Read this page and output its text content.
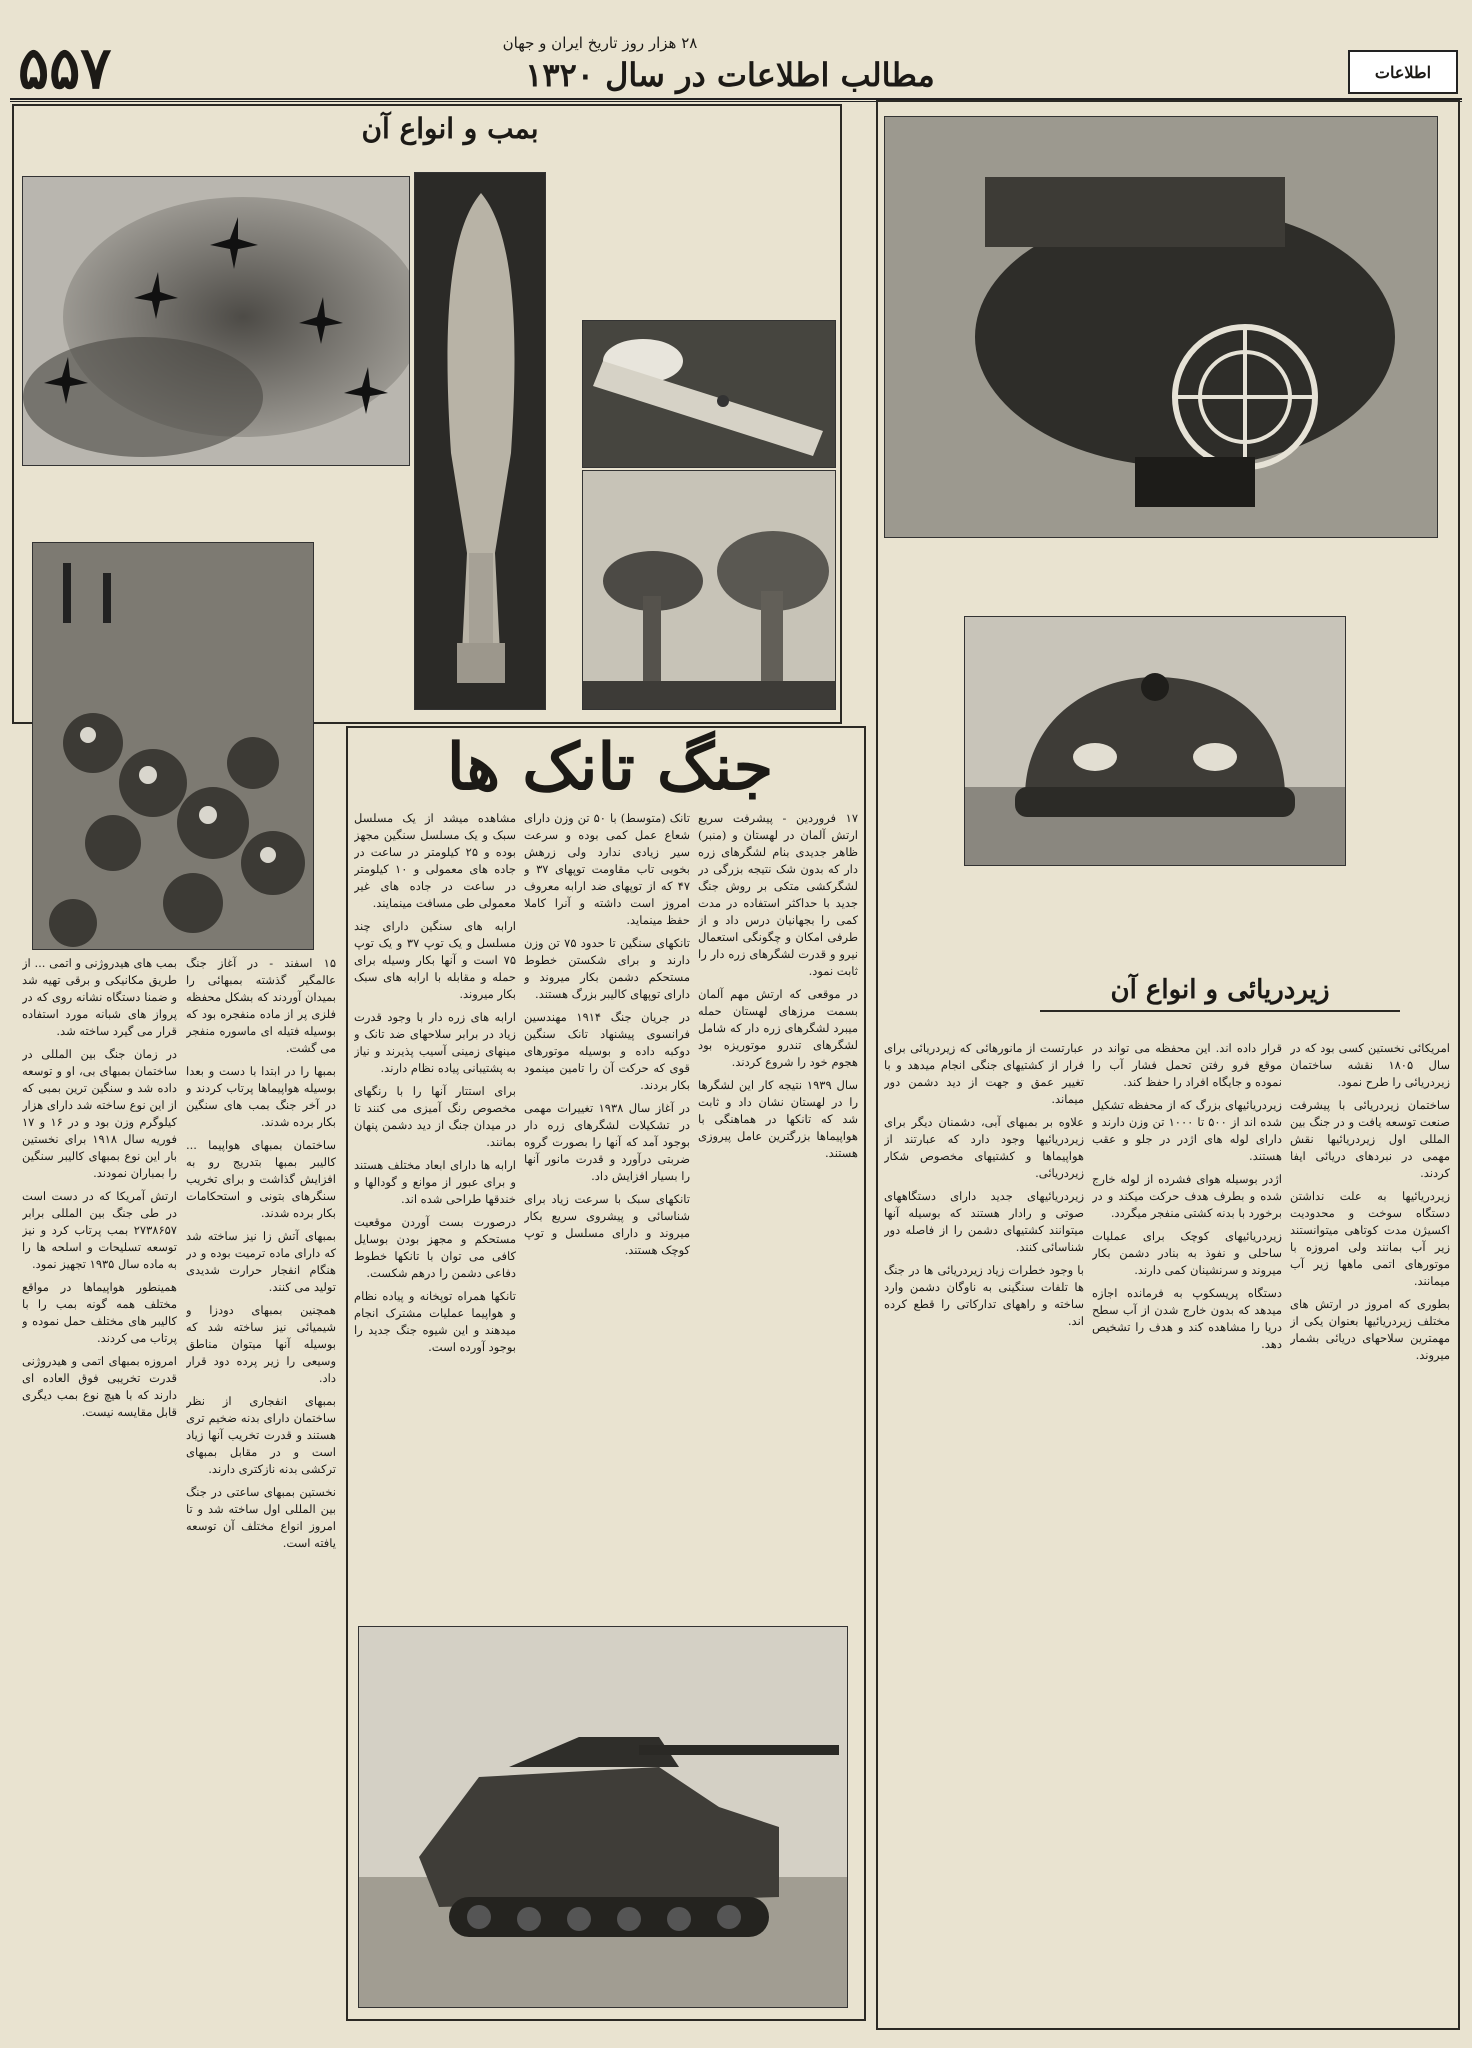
۵۵۷	۲۸ هزار روز تاریخ ایران و جهان
مطالب اطلاعات در سال ۱۳۲۰	اطلاعات
بمب و انواع آن

۱۵ اسفند - در آغاز جنگ عالمگیر گذشته بمبهائی را بمیدان آوردند که بشکل محفظه فلزی پر از ماده منفجره بود که بوسیله فتیله ای ماسوره منفجر می گشت.

بمبها را در ابتدا با دست و بعدا بوسیله هواپیماها پرتاب کردند و در آخر جنگ بمب های سنگین بکار برده شدند.

ساختمان بمبهای هواپیما ... کالیبر بمبها بتدریج رو به افزایش گذاشت و برای تخریب سنگرهای بتونی و استحکامات بکار برده شدند.

بمبهای آتش زا نیز ساخته شد که دارای ماده ترمیت بوده و در هنگام انفجار حرارت شدیدی تولید می کنند.

همچنین بمبهای دودزا و شیمیائی نیز ساخته شد که بوسیله آنها میتوان مناطق وسیعی را زیر پرده دود قرار داد.

بمبهای انفجاری از نظر ساختمان دارای بدنه ضخیم تری هستند و قدرت تخریب آنها زیاد است و در مقابل بمبهای ترکشی بدنه نازکتری دارند.

نخستین بمبهای ساعتی در جنگ بین المللی اول ساخته شد و تا امروز انواع مختلف آن توسعه یافته است.

بمب های هیدروژنی و اتمی ... از طریق مکانیکی و برقی تهیه شد و ضمنا دستگاه نشانه روی که در پرواز های شبانه مورد استفاده قرار می گیرد ساخته شد.

در زمان جنگ بین المللی در ساختمان بمبهای بی، او و توسعه داده شد و سنگین ترین بمبی که از این نوع ساخته شد دارای هزار کیلوگرم وزن بود و در ۱۶ و ۱۷ فوریه سال ۱۹۱۸ برای نخستین بار این نوع بمبهای کالیبر سنگین را بمباران نمودند.

ارتش آمریکا که در دست است در طی جنگ بین المللی برابر ۲۷۳۸۶۵۷ بمب پرتاب کرد و نیز توسعه تسلیحات و اسلحه ها را به ماده سال ۱۹۳۵ تجهیز نمود.

همینطور هواپیماها در مواقع مختلف همه گونه بمب را با کالیبر های مختلف حمل نموده و پرتاب می کردند.

امروزه بمبهای اتمی و هیدروژنی قدرت تخریبی فوق العاده ای دارند که با هیچ نوع بمب دیگری قابل مقایسه نیست.

جنگ تانک ها

۱۷ فروردین - پیشرفت سریع ارتش آلمان در لهستان و (منبر) ظاهر جدیدی بنام لشگرهای زره دار که بدون شک نتیجه بزرگی در لشگرکشی متکی بر روش جنگ جدید با حداکثر استفاده در مدت کمی را بجهانیان درس داد و از طرفی امکان و چگونگی استعمال نیرو و قدرت لشگرهای زره دار را ثابت نمود.

در موقعی که ارتش مهم آلمان بسمت مرزهای لهستان حمله میبرد لشگرهای زره دار که شامل لشگرهای تندرو موتوریزه بود هجوم خود را شروع کردند.

سال ۱۹۳۹ نتیجه کار این لشگرها را در لهستان نشان داد و ثابت شد که تانکها در هماهنگی با هواپیماها بزرگترین عامل پیروزی هستند.

تانک (متوسط) با ۵۰ تن وزن دارای شعاع عمل کمی بوده و سرعت سیر زیادی ندارد ولی زرهش بخوبی تاب مقاومت توپهای ۳۷ و ۴۷ که از توپهای ضد ارابه معروف امروز است داشته و آنرا کاملا حفظ مینماید.

تانکهای سنگین تا حدود ۷۵ تن وزن دارند و برای شکستن خطوط مستحکم دشمن بکار میروند و دارای توپهای کالیبر بزرگ هستند.

در جریان جنگ ۱۹۱۴ مهندسین فرانسوی پیشنهاد تانک سنگین دوکبه داده و بوسیله موتورهای قوی که حرکت آن را تامین مینمود بکار بردند.

در آغاز سال ۱۹۳۸ تغییرات مهمی در تشکیلات لشگرهای زره دار بوجود آمد که آنها را بصورت گروه ضربتی درآورد و قدرت مانور آنها را بسیار افزایش داد.

تانکهای سبک با سرعت زیاد برای شناسائی و پیشروی سریع بکار میروند و دارای مسلسل و توپ کوچک هستند.

مشاهده میشد از یک مسلسل سبک و یک مسلسل سنگین مجهز بوده و ۲۵ کیلومتر در ساعت در جاده های معمولی و ۱۰ کیلومتر در ساعت در جاده های غیر معمولی طی مسافت مینمایند.

ارابه های سنگین دارای چند مسلسل و یک توپ ۳۷ و یک توپ ۷۵ است و آنها بکار وسیله برای حمله و مقابله با ارابه های سبک بکار میروند.

ارابه های زره دار با وجود قدرت زیاد در برابر سلاحهای ضد تانک و مینهای زمینی آسیب پذیرند و نیاز به پشتیبانی پیاده نظام دارند.

برای استتار آنها را با رنگهای مخصوص رنگ آمیزی می کنند تا در میدان جنگ از دید دشمن پنهان بمانند.

ارابه ها دارای ابعاد مختلف هستند و برای عبور از موانع و گودالها و خندقها طراحی شده اند.

درصورت بست آوردن موقعیت مستحکم و مجهز بودن بوسایل کافی می توان با تانکها خطوط دفاعی دشمن را درهم شکست.

تانکها همراه توپخانه و پیاده نظام و هواپیما عملیات مشترک انجام میدهند و این شیوه جنگ جدید را بوجود آورده است.

زیردریائی و انواع آن

امریکائی نخستین کسی بود که در سال ۱۸۰۵ نقشه ساختمان زیردریائی را طرح نمود.

ساختمان زیردریائی با پیشرفت صنعت توسعه یافت و در جنگ بین المللی اول زیردریائیها نقش مهمی در نبردهای دریائی ایفا کردند.

زیردریائیها به علت نداشتن دستگاه سوخت و محدودیت اکسیژن مدت کوتاهی میتوانستند زیر آب بمانند ولی امروزه با موتورهای اتمی ماهها زیر آب میمانند.

بطوری که امروز در ارتش های مختلف زیردریائیها بعنوان یکی از مهمترین سلاحهای دریائی بشمار میروند.

قرار داده اند. این محفظه می تواند در موقع فرو رفتن تحمل فشار آب را نموده و جایگاه افراد را حفظ کند.

زیردریائیهای بزرگ که از محفظه تشکیل شده اند از ۵۰۰ تا ۱۰۰۰ تن وزن دارند و دارای لوله های اژدر در جلو و عقب هستند.

اژدر بوسیله هوای فشرده از لوله خارج شده و بطرف هدف حرکت میکند و در برخورد با بدنه کشتی منفجر میگردد.

زیردریائیهای کوچک برای عملیات ساحلی و نفوذ به بنادر دشمن بکار میروند و سرنشینان کمی دارند.

دستگاه پریسکوپ به فرمانده اجازه میدهد که بدون خارج شدن از آب سطح دریا را مشاهده کند و هدف را تشخیص دهد.

عبارتست از مانورهائی که زیردریائی برای فرار از کشتیهای جنگی انجام میدهد و با تغییر عمق و جهت از دید دشمن دور میماند.

علاوه بر بمبهای آبی، دشمنان دیگر برای زیردریائیها وجود دارد که عبارتند از هواپیماها و کشتیهای مخصوص شکار زیردریائی.

زیردریائیهای جدید دارای دستگاههای صوتی و رادار هستند که بوسیله آنها میتوانند کشتیهای دشمن را از فاصله دور شناسائی کنند.

با وجود خطرات زیاد زیردریائی ها در جنگ ها تلفات سنگینی به ناوگان دشمن وارد ساخته و راههای تدارکاتی را قطع کرده اند.
